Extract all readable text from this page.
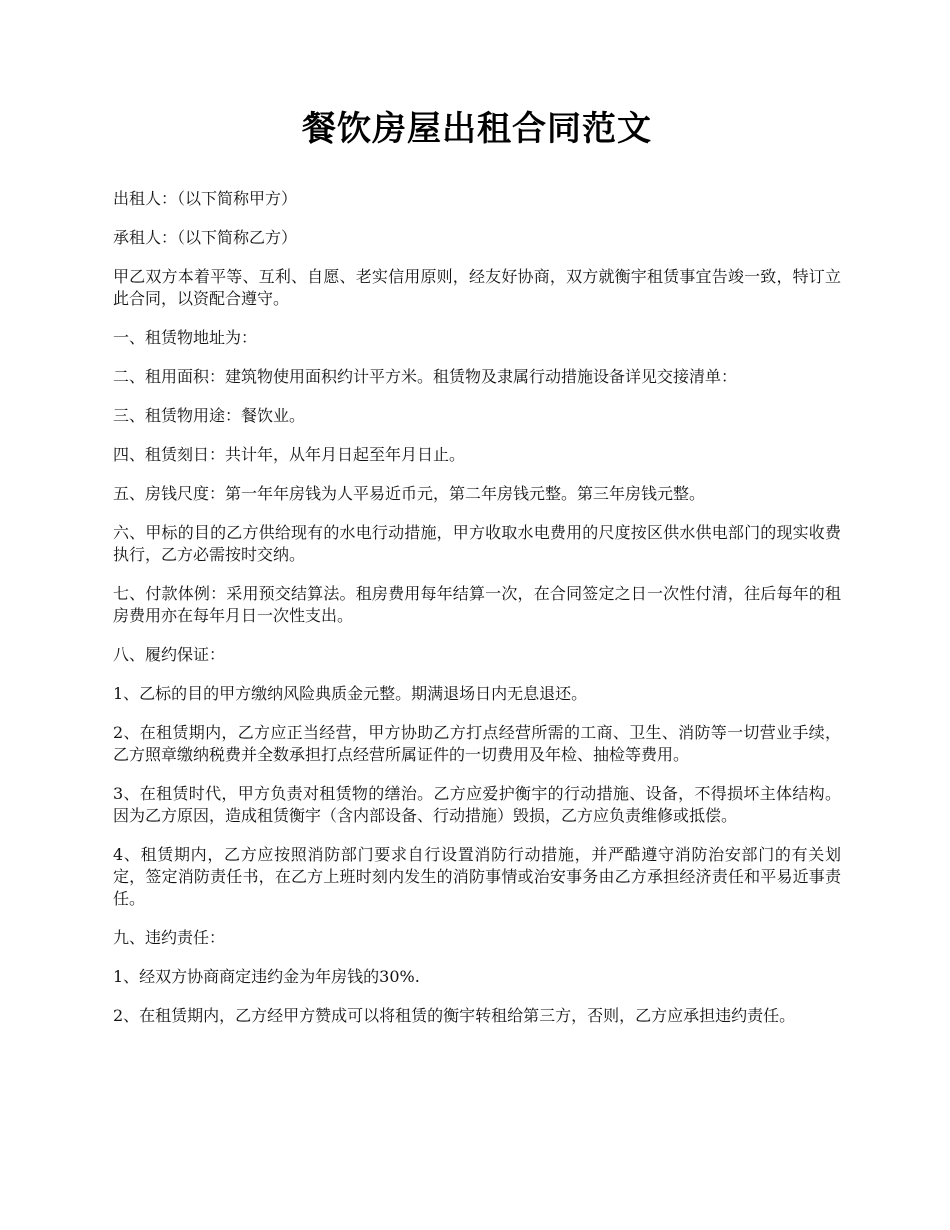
餐饮房屋出租合同范文

出租人：（以下简称甲方）

承租人：（以下简称乙方）

甲乙双方本着平等、互利、自愿、老实信用原则，经友好协商，双方就衡宇租赁事宜告竣一致，特订立此合同，以资配合遵守。

一、租赁物地址为：

二、租用面积：建筑物使用面积约计平方米。租赁物及隶属行动措施设备详见交接清单：

三、租赁物用途：餐饮业。

四、租赁刻日：共计年，从年月日起至年月日止。

五、房钱尺度：第一年年房钱为人平易近币元，第二年房钱元整。第三年房钱元整。

六、甲标的目的乙方供给现有的水电行动措施，甲方收取水电费用的尺度按区供水供电部门的现实收费执行，乙方必需按时交纳。

七、付款体例：采用预交结算法。租房费用每年结算一次，在合同签定之日一次性付清，往后每年的租房费用亦在每年月日一次性支出。

八、履约保证：

1、乙标的目的甲方缴纳风险典质金元整。期满退场日内无息退还。

2、在租赁期内，乙方应正当经营，甲方协助乙方打点经营所需的工商、卫生、消防等一切营业手续，乙方照章缴纳税费并全数承担打点经营所属证件的一切费用及年检、抽检等费用。

3、在租赁时代，甲方负责对租赁物的缮治。乙方应爱护衡宇的行动措施、设备，不得损坏主体结构。因为乙方原因，造成租赁衡宇（含内部设备、行动措施）毁损，乙方应负责维修或抵偿。

4、租赁期内，乙方应按照消防部门要求自行设置消防行动措施，并严酷遵守消防治安部门的有关划定，签定消防责任书，在乙方上班时刻内发生的消防事情或治安事务由乙方承担经济责任和平易近事责任。

九、违约责任：

1、经双方协商商定违约金为年房钱的30%.

2、在租赁期内，乙方经甲方赞成可以将租赁的衡宇转租给第三方，否则，乙方应承担违约责任。
